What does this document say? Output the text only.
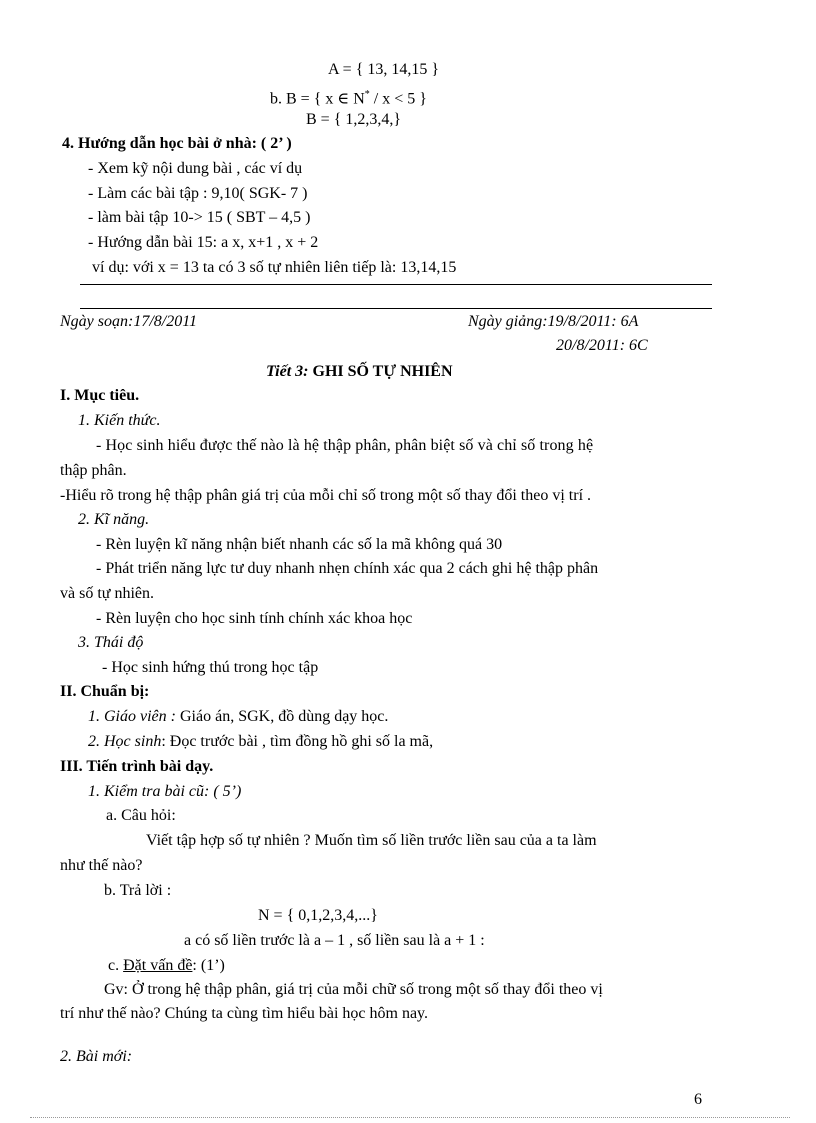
A = { 13, 14,15 }
b. B = { x ∈ N* / x < 5 }
B = { 1,2,3,4,}
4. Hướng dẫn học bài ở nhà: ( 2’ )
- Xem kỹ nội dung bài , các ví dụ
- Làm các bài tập : 9,10( SGK- 7 )
- làm bài tập 10-> 15 ( SBT – 4,5 )
- Hướng dẫn bài 15: a x, x+1 , x + 2
ví dụ: với x = 13 ta có 3 số tự nhiên liên tiếp là: 13,14,15
Ngày soạn:17/8/2011	Ngày giảng:19/8/2011: 6A
20/8/2011: 6C
Tiết 3: GHI SỐ TỰ NHIÊN
I. Mục tiêu.
1. Kiến thức.
- Học sinh hiểu được thế nào là hệ thập phân, phân biệt số và chỉ số trong hệ
thập phân.
-Hiểu rõ trong hệ thập phân giá trị của mỗi chỉ số trong một số thay đổi theo vị trí .
2. Kĩ năng.
- Rèn luyện kĩ năng nhận biết nhanh các số la mã không quá 30
- Phát triển năng lực tư duy nhanh nhẹn chính xác qua 2 cách ghi hệ thập phân
và số tự nhiên.
- Rèn luyện cho học sinh tính chính xác khoa học
3. Thái độ
- Học sinh hứng thú trong học tập
II. Chuẩn bị:
1. Giáo viên : Giáo án, SGK, đồ dùng dạy học.
2. Học sinh: Đọc trước bài , tìm đồng hồ ghi số la mã,
III. Tiến trình bài dạy.
1. Kiểm tra bài cũ: ( 5’)
a. Câu hỏi:
Viết tập hợp số tự nhiên ? Muốn tìm số liền trước liền sau của a ta làm
như thế nào?
b. Trả lời :
N = { 0,1,2,3,4,...}
a có số liền trước là a – 1 , số liền sau là a + 1 :
c. Đặt vấn đề: (1’)
Gv: Ở trong hệ thập phân, giá trị của mỗi chữ số trong một số thay đổi theo vị
trí như thế nào? Chúng ta cùng tìm hiểu bài học hôm nay.
2. Bài mới:
6
